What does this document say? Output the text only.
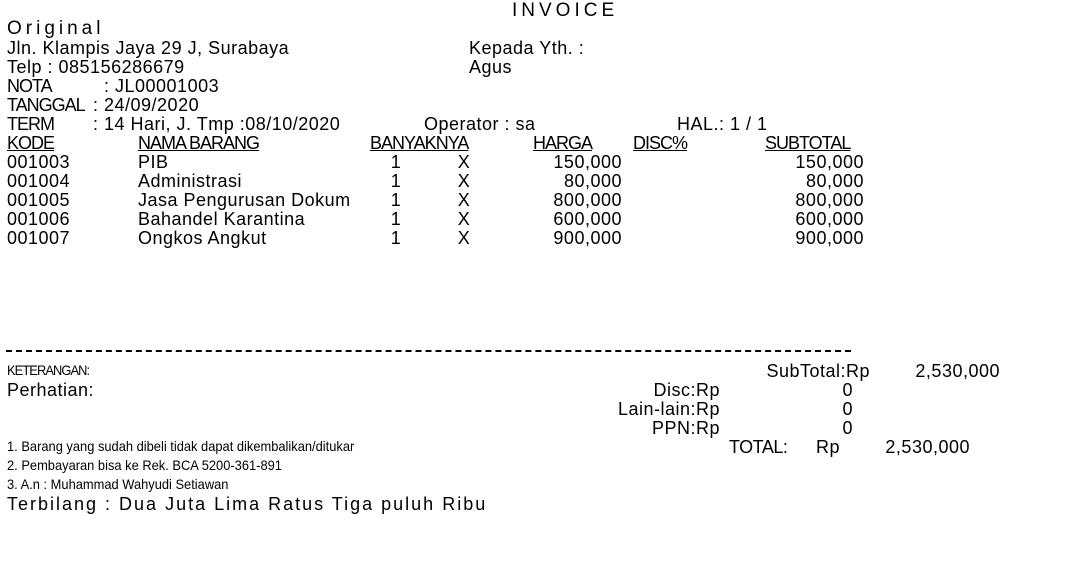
INVOICE
Original
Jln. Klampis Jaya 29 J, Surabaya
Telp : 085156286679
Kepada Yth. :
Agus
NOTA	: JL00001003
TANGGAL : 24/09/2020
TERM : 14 Hari, J. Tmp :08/10/2020	Operator : sa	HAL.: 1 / 1
KODE	NAMA BARANG	BANYAKNYA	HARGA DISC%	SUBTOTAL
001003	PIB	1	X	150,000	150,000
001004	Administrasi	1	X	80,000	80,000
001005	Jasa Pengurusan Dokum 1	X	800,000	800,000
001006	Bahandel Karantina	1	X	600,000	600,000
001007	Ongkos Angkut	1	X	900,000	900,000
KETERANGAN:
Perhatian:
1. Barang yang sudah dibeli tidak dapat dikembalikan/ditukar
2. Pembayaran bisa ke Rek. BCA 5200-361-891
3. A.n : Muhammad Wahyudi Setiawan
Terbilang : Dua Juta Lima Ratus Tiga puluh Ribu
SubTotal:Rp	2,530,000
Disc:Rp	0
Lain-lain:Rp	0
PPN:Rp	0
TOTAL: Rp	2,530,000
